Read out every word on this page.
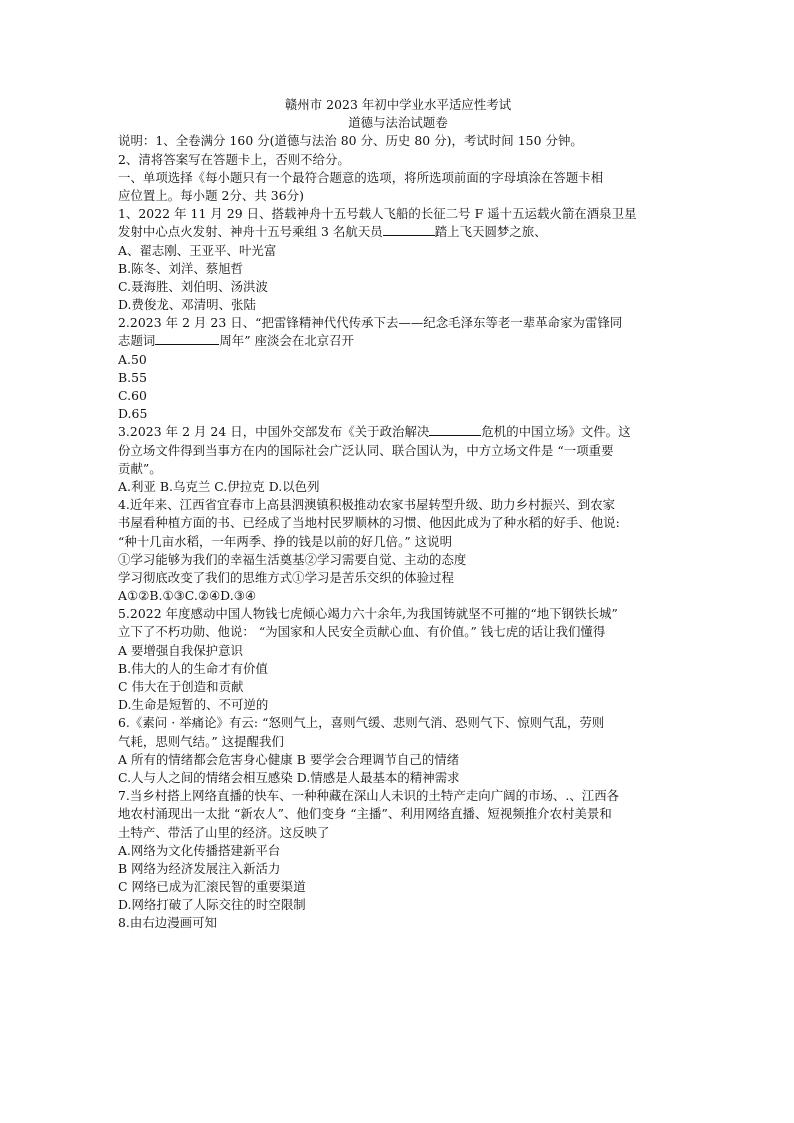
赣州市 2023 年初中学业水平适应性考试
道德与法治试题卷
说明：1、全卷满分 160 分(道德与法治 80 分、历史 80 分)，考试时间 150 分钟。
2、清将答案写在答题卡上，否则不给分。
一、单项选择《每小题只有一个最符合题意的选项，将所选项前面的字母填涂在答题卡相
应位置上。每小题 2分、共 36分)
1、2022 年 11 月 29 日、搭载神舟十五号载人飞船的长征二号 F 遥十五运载火箭在酒泉卫星
发射中心点火发射、神舟十五号乘组 3 名航天员	踏上飞天圆梦之旅、
A、翟志刚、王亚平、叶光富
B.陈冬、刘洋、蔡旭哲
C.聂海胜、刘伯明、汤洪波
D.费俊龙、邓清明、张陆
2.2023 年 2 月 23 日、“把雷锋精神代代传承下去——纪念毛泽东等老一辈革命家为雷锋同
志题词	周年” 座淡会在北京召开
A.50
B.55
C.60
D.65
3.2023 年 2 月 24 日，中国外交部发布《关于政治解决	危机的中国立场》文件。这
份立场文件得到当事方在内的国际社会广泛认同、联合国认为，中方立场文件是 “一项重要
贡献”。
A.利亚 B.乌克兰 C.伊拉克 D.以色列
4.近年来、江西省宜春市上高县泗澳镇积极推动农家书屋转型升级、助力乡村振兴、到农家
书屋看种植方面的书、已经成了当地村民罗顺林的习惯、他因此成为了种水稻的好手、他说:
“种十几亩水稻，一年两季、挣的钱是以前的好几倍。” 这说明
①学习能够为我们的幸福生活奠基②学习需要自觉、主动的态度
学习彻底改变了我们的思维方式①学习是苦乐交织的体验过程
A①②B.①③C.②④D.③④
5.2022 年度感动中国人物钱七虎倾心竭力六十余年,为我国铸就坚不可摧的“地下钢铁长城”
立下了不朽功勋、他说： “为国家和人民安全贡献心血、有价值。” 钱七虎的话让我们懂得
A 要增强自我保护意识
B.伟大的人的生命才有价值
C 伟大在于创造和贡献
D.生命是短暂的、不可逆的
6.《素问 · 举痛论》有云: “怒则气上，喜则气缓、悲则气消、恐则气下、惊则气乱，劳则
气耗，思则气结。” 这提醒我们
A 所有的情绪都会危害身心健康 B 要学会合理调节自己的情绪
C.人与人之间的情绪会相互感染 D.情感是人最基本的精神需求
7.当乡村搭上网络直播的快车、一种种藏在深山人未识的土特产走向广阔的市场、.、江西各
地农村涌现出一太批 “新农人”、他们变身 “主播”、利用网络直播、短视频推介农村美景和
土特产、带活了山里的经济。这反映了
A.网络为文化传播搭建新平台
B 网络为经济发展注入新活力
C 网络已成为汇滚民智的重要渠道
D.网络打破了人际交往的时空限制
8.由右边漫画可知
